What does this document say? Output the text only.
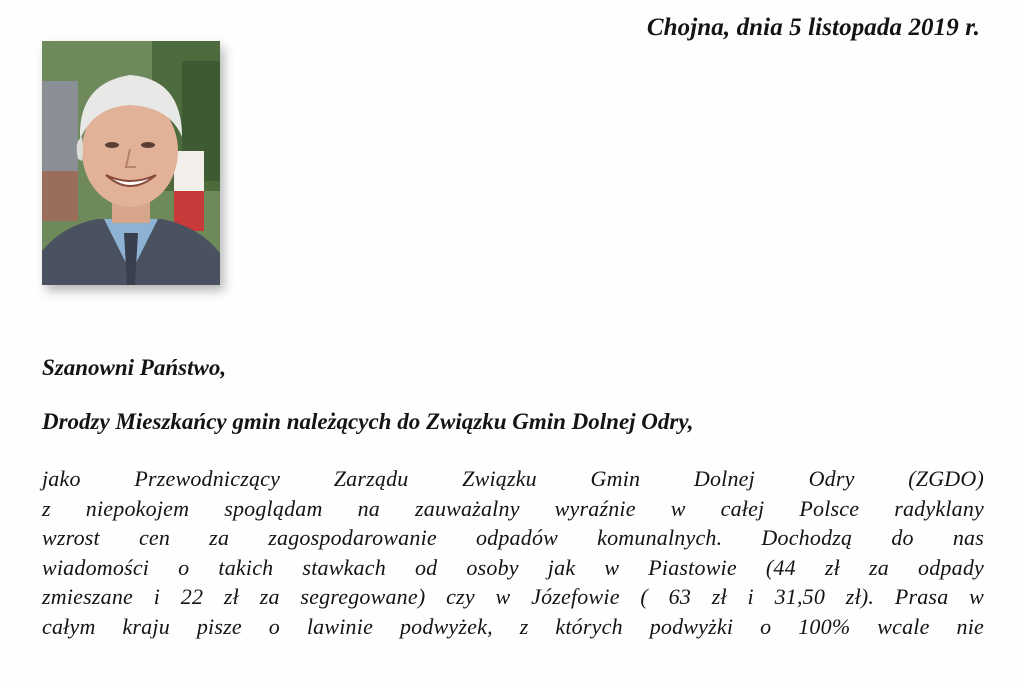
Chojna, dnia 5 listopada 2019 r.
Szanowni Państwo,
Drodzy Mieszkańcy gmin należących do Związku Gmin Dolnej Odry,
jako Przewodniczący Zarządu Związku Gmin Dolnej Odry (ZGDO)
z niepokojem spoglądam na zauważalny wyraźnie w całej Polsce radyklany
wzrost cen za zagospodarowanie odpadów komunalnych. Dochodzą do nas
wiadomości o takich stawkach od osoby jak w Piastowie (44 zł za odpady
zmieszane i 22 zł za segregowane) czy w Józefowie ( 63 zł i 31,50 zł). Prasa w
całym kraju pisze o lawinie podwyżek, z których podwyżki o 100% wcale nie
